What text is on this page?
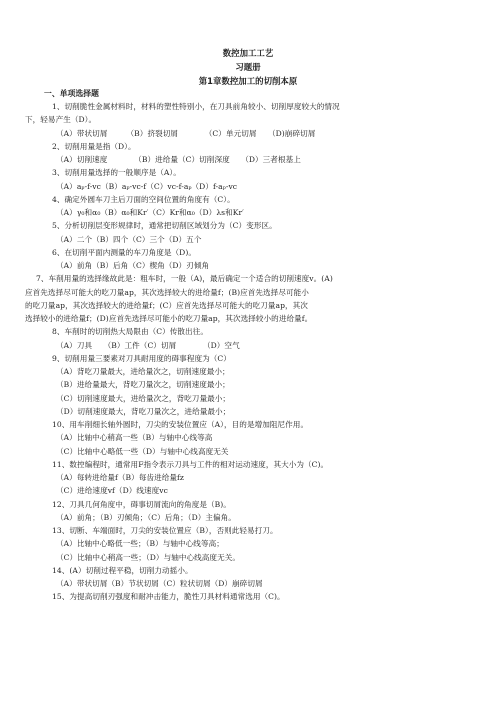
数控加工工艺
习题册
第1章数控加工的切削本原
一、单项选择题
1、切削脆性金属材料时，材料的塑性特别小，在刀具前角较小、切削厚度较大的情况
下，轻易产生（D）。
（A）带状切屑　　　（B）挤裂切屑　　　　（C）单元切屑　　（D)崩碎切屑
2、切削用量是指（D）。
（A）切削速度　　　　（B）进给量（C）切削深度　　（D）三者根基上
3、切削用量选择的一般顺序是（A）。
（A）aₚ-f-vc（B）aₚ-vc-f（C）vc-f-aₚ（D）f-aₚ-vc
4、确定外圆车刀主后刀面的空间位置的角度有（C）。
（A）γ₀和α₀（B）α₀和Kr′（C）Kr和α₀（D）λs和Kr′
5、分析切削层变形规律时，通常把切削区域划分为（C）变形区。
（A）二个（B）四个（C）三个（D）五个
6、在切削平面内测量的车刀角度是（D)。
（A）前角（B）后角（C）楔角（D）刃倾角
7、车削用量的选择缘故此是：粗车时，一般（A)，最后确定一个适合的切削速度v。(A)
应首先选择尽可能大的吃刀量ap，其次选择较大的进给量f；(B)应首先选择尽可能小
的吃刀量ap，其次选择较大的进给量f；(C）应首先选择尽可能大的吃刀量ap，其次
选择较小的进给量f；(D)应首先选择尽可能小的吃刀量ap，其次选择较小的进给量f。
8、车削时的切削热大局限由（C）传散出往。
（A）刀具　　（B）工件（C）切屑　　　　（D）空气
9、切削用量三要素对刀具耐用度的碍事程度为（C）
（A）背吃刀量最大，进给量次之，切削速度最小；
（B）进给量最大，背吃刀量次之，切削速度最小；
（C）切削速度最大，进给量次之，背吃刀量最小；
（D）切削速度最大，背吃刀量次之，进给量最小；
10、用车削细长轴外圆时，刀尖的安装位置应（A），目的是增加阻尼作用。
（A）比轴中心稍高一些（B）与轴中心线等高
（C）比轴中心略低一些（D）与轴中心线高度无关
11、数控编程时，通常用F指令表示刀具与工件的相对运动速度，其大小为（C)。
（A）每转进给量f（B）每齿进给量fz
（C）进给速度vf（D）线速度vc
12、刀具几何角度中，碍事切屑流向的角度是（B)。
（A）前角；（B）刃倾角；（C）后角；（D）主偏角。
13、切断、车端面时，刀尖的安装位置应（B），否则此轻易打刀。
（A）比轴中心略低一些；（B）与轴中心线等高；
（C）比轴中心稍高一些；（D）与轴中心线高度无关。
14、(A）切削过程平稳，切削力动摇小。
（A）带状切屑（B）节状切屑（C）粒状切屑（D）崩碎切屑
15、为提高切削刃强度和耐冲击能力，脆性刀具材料通常选用（C)。
